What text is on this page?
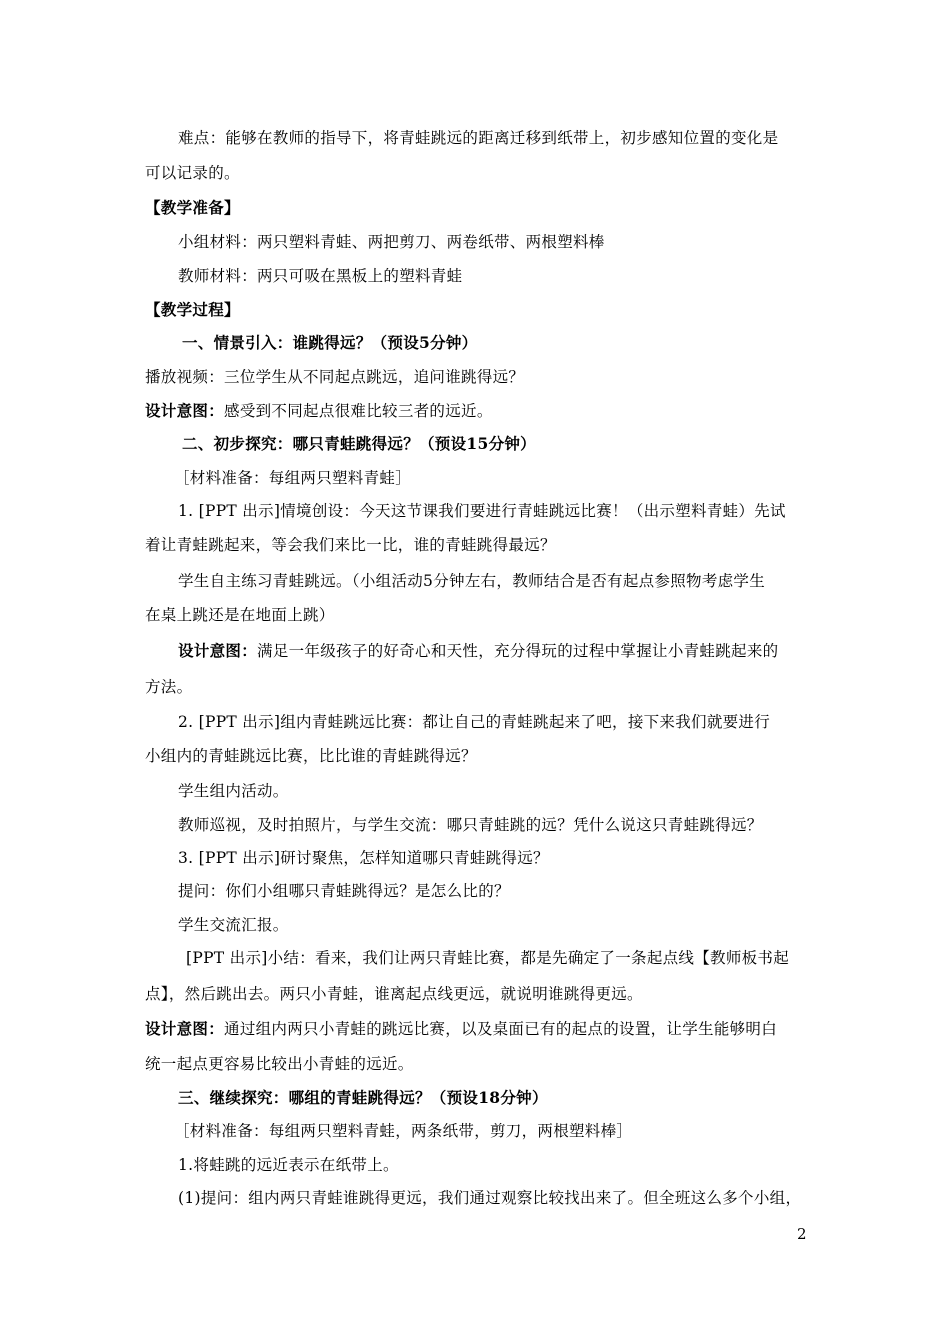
难点：能够在教师的指导下，将青蛙跳远的距离迁移到纸带上，初步感知位置的变化是
可以记录的。
【教学准备】
小组材料：两只塑料青蛙、两把剪刀、两卷纸带、两根塑料棒
教师材料：两只可吸在黑板上的塑料青蛙
【教学过程】
一、情景引入：谁跳得远？（预设5分钟）
播放视频：三位学生从不同起点跳远，追问谁跳得远？
设计意图：感受到不同起点很难比较三者的远近。
二、初步探究：哪只青蛙跳得远？（预设15分钟）
［材料准备：每组两只塑料青蛙］
1. [PPT 出示]情境创设：今天这节课我们要进行青蛙跳远比赛！（出示塑料青蛙）先试
着让青蛙跳起来，等会我们来比一比，谁的青蛙跳得最远？
学生自主练习青蛙跳远。（小组活动5分钟左右，教师结合是否有起点参照物考虑学生
在桌上跳还是在地面上跳）
设计意图：满足一年级孩子的好奇心和天性，充分得玩的过程中掌握让小青蛙跳起来的
方法。
2. [PPT 出示]组内青蛙跳远比赛：都让自己的青蛙跳起来了吧，接下来我们就要进行
小组内的青蛙跳远比赛，比比谁的青蛙跳得远？
学生组内活动。
教师巡视，及时拍照片，与学生交流：哪只青蛙跳的远？凭什么说这只青蛙跳得远？
3. [PPT 出示]研讨聚焦，怎样知道哪只青蛙跳得远？
提问：你们小组哪只青蛙跳得远？是怎么比的？
学生交流汇报。
[PPT 出示]小结：看来，我们让两只青蛙比赛，都是先确定了一条起点线【教师板书起
点】，然后跳出去。两只小青蛙，谁离起点线更远，就说明谁跳得更远。
设计意图：通过组内两只小青蛙的跳远比赛，以及桌面已有的起点的设置，让学生能够明白
统一起点更容易比较出小青蛙的远近。
三、继续探究：哪组的青蛙跳得远？（预设18分钟）
［材料准备：每组两只塑料青蛙，两条纸带，剪刀，两根塑料棒］
1.将蛙跳的远近表示在纸带上。
(1)提问：组内两只青蛙谁跳得更远，我们通过观察比较找出来了。但全班这么多个小组，
2
